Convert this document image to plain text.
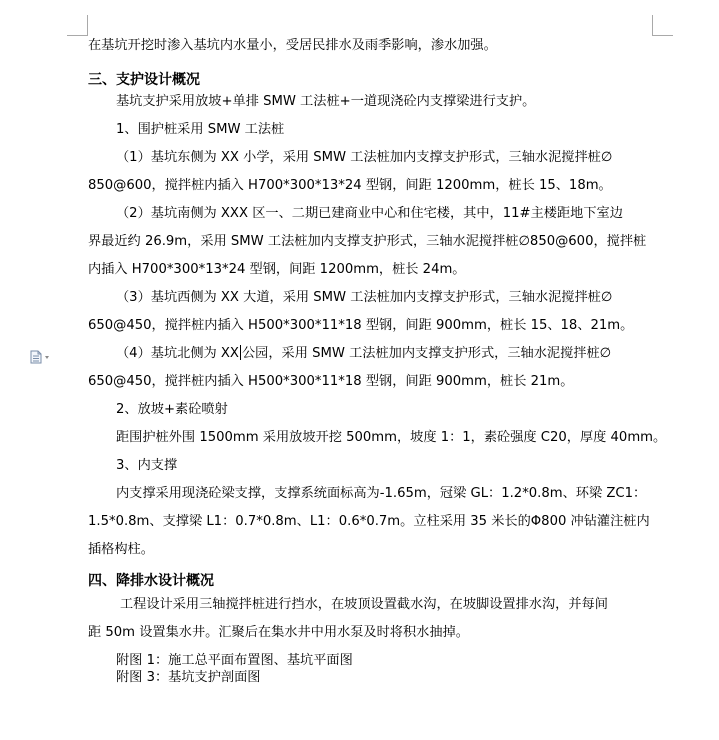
在基坑开挖时渗入基坑内水量小，受居民排水及雨季影响，渗水加强。
三、支护设计概况
基坑支护采用放坡+单排 SMW 工法桩+一道现浇砼内支撑梁进行支护。
1、围护桩采用 SMW 工法桩
（1）基坑东侧为 XX 小学，采用 SMW 工法桩加内支撑支护形式，三轴水泥搅拌桩∅
850@600，搅拌桩内插入 H700*300*13*24 型钢，间距 1200mm，桩长 15、18m。
（2）基坑南侧为 XXX 区一、二期已建商业中心和住宅楼，其中，11#主楼距地下室边
界最近约 26.9m，采用 SMW 工法桩加内支撑支护形式，三轴水泥搅拌桩∅850@600，搅拌桩
内插入 H700*300*13*24 型钢，间距 1200mm，桩长 24m。
（3）基坑西侧为 XX 大道，采用 SMW 工法桩加内支撑支护形式，三轴水泥搅拌桩∅
650@450，搅拌桩内插入 H500*300*11*18 型钢，间距 900mm，桩长 15、18、21m。
（4）基坑北侧为 XX 公园，采用 SMW 工法桩加内支撑支护形式，三轴水泥搅拌桩∅
650@450，搅拌桩内插入 H500*300*11*18 型钢，间距 900mm，桩长 21m。
2、放坡+素砼喷射
距围护桩外围 1500mm 采用放坡开挖 500mm，坡度 1：1，素砼强度 C20，厚度 40mm。
3、内支撑
内支撑采用现浇砼梁支撑，支撑系统面标高为-1.65m，冠梁 GL：1.2*0.8m、环梁 ZC1：
1.5*0.8m、支撑梁 L1：0.7*0.8m、L1：0.6*0.7m。立柱采用 35 米长的Φ800 冲钻灌注桩内
插格构柱。
四、降排水设计概况
工程设计采用三轴搅拌桩进行挡水，在坡顶设置截水沟，在坡脚设置排水沟，并每间
距 50m 设置集水井。汇聚后在集水井中用水泵及时将积水抽掉。
附图 1：施工总平面布置图、基坑平面图
附图 3：基坑支护剖面图
